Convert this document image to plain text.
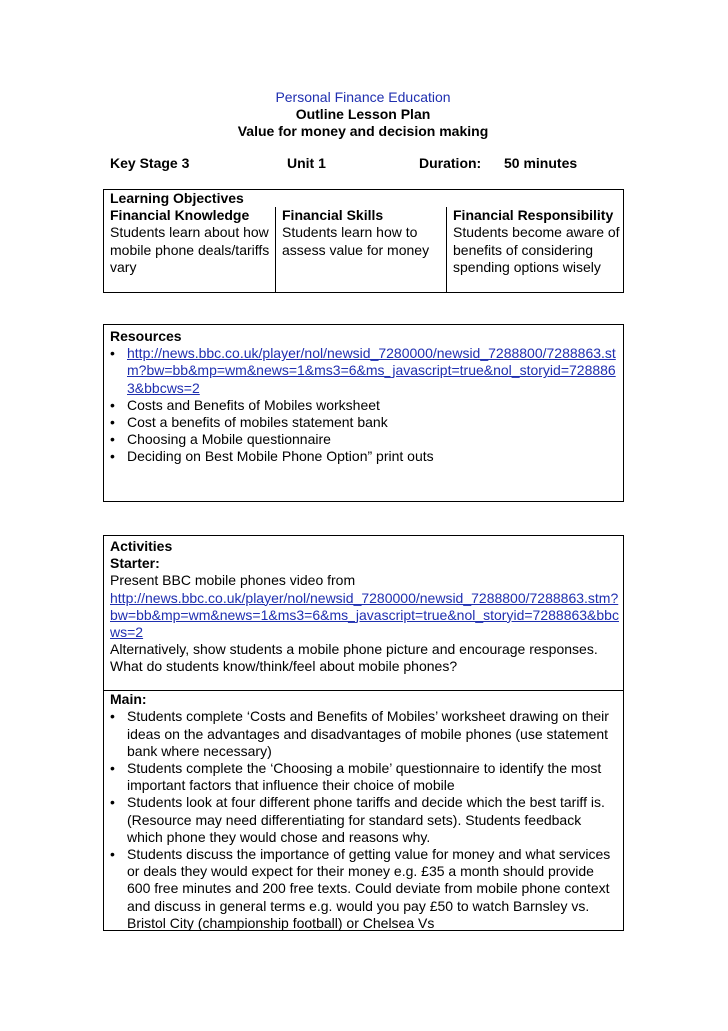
Personal Finance Education
Outline Lesson Plan
Value for money and decision making
Key Stage 3	Unit 1	Duration: 50 minutes
Learning Objectives
Financial Knowledge
Students learn about how mobile phone deals/tariffs vary
Financial Skills
Students learn how to assess value for money
Financial Responsibility
Students become aware of benefits of considering spending options wisely
Resources
• http://news.bbc.co.uk/player/nol/newsid_7280000/newsid_7288800/7288863.stm?bw=bb&mp=wm&news=1&ms3=6&ms_javascript=true&nol_storyid=7288863&bbcws=2
• Costs and Benefits of Mobiles worksheet
• Cost a benefits of mobiles statement bank
• Choosing a Mobile questionnaire
• Deciding on Best Mobile Phone Option” print outs
Activities
Starter:
Present BBC mobile phones video from
http://news.bbc.co.uk/player/nol/newsid_7280000/newsid_7288800/7288863.stm?bw=bb&mp=wm&news=1&ms3=6&ms_javascript=true&nol_storyid=7288863&bbcws=2
Alternatively, show students a mobile phone picture and encourage responses. What do students know/think/feel about mobile phones?
Main:
• Students complete ‘Costs and Benefits of Mobiles’ worksheet drawing on their ideas on the advantages and disadvantages of mobile phones (use statement bank where necessary)
• Students complete the ‘Choosing a mobile’ questionnaire to identify the most important factors that influence their choice of mobile
• Students look at four different phone tariffs and decide which the best tariff is. (Resource may need differentiating for standard sets). Students feedback which phone they would chose and reasons why.
• Students discuss the importance of getting value for money and what services or deals they would expect for their money e.g. £35 a month should provide 600 free minutes and 200 free texts. Could deviate from mobile phone context and discuss in general terms e.g. would you pay £50 to watch Barnsley vs. Bristol City (championship football) or Chelsea Vs
